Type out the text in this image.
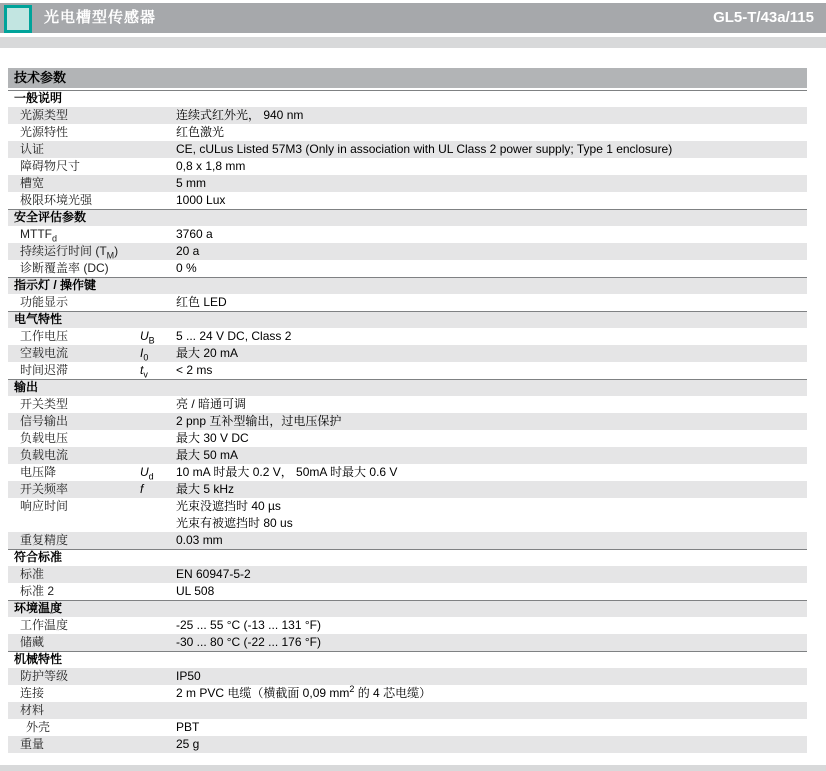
光电槽型传感器	GL5-T/43a/115
技术参数
一般说明
光源类型	连续式红外光， 940 nm
光源特性	红色激光
认证	CE, cULus Listed 57M3 (Only in association with UL Class 2 power supply; Type 1 enclosure)
障碍物尺寸	0,8 x 1,8 mm
槽宽	5 mm
极限环境光强	1000 Lux
安全评估参数
$MTTF_d$	3760 a
持续运行时间 $(T_M)$	20 a
诊断覆盖率 (DC)	0 %
指示灯 / 操作键
功能显示	红色 LED
电气特性
工作电压	$U_B$	5 ... 24 V DC, Class 2
空载电流	$I_0$	最大 20 mA
时间迟滞	$t_v$	< 2 ms
输出
开关类型	亮 / 暗通可调
信号输出	2 pnp 互补型输出，过电压保护
负载电压	最大 30 V DC
负载电流	最大 50 mA
电压降	$U_d$	10 mA 时最大 0.2 V， 50mA 时最大 0.6 V
开关频率	f	最大 5 kHz
响应时间	光束没遮挡时 40 µs
光束有被遮挡时 80 us
重复精度	0.03 mm
符合标准
标准	EN 60947-5-2
标准 2	UL 508
环境温度
工作温度	-25 ... 55 °C (-13 ... 131 °F)
储藏	-30 ... 80 °C (-22 ... 176 °F)
机械特性
防护等级	IP50
连接	2 m PVC 电缆（横截面 0,09 $mm^2$ 的 4 芯电缆）
材料
外壳	PBT
重量	25 g
